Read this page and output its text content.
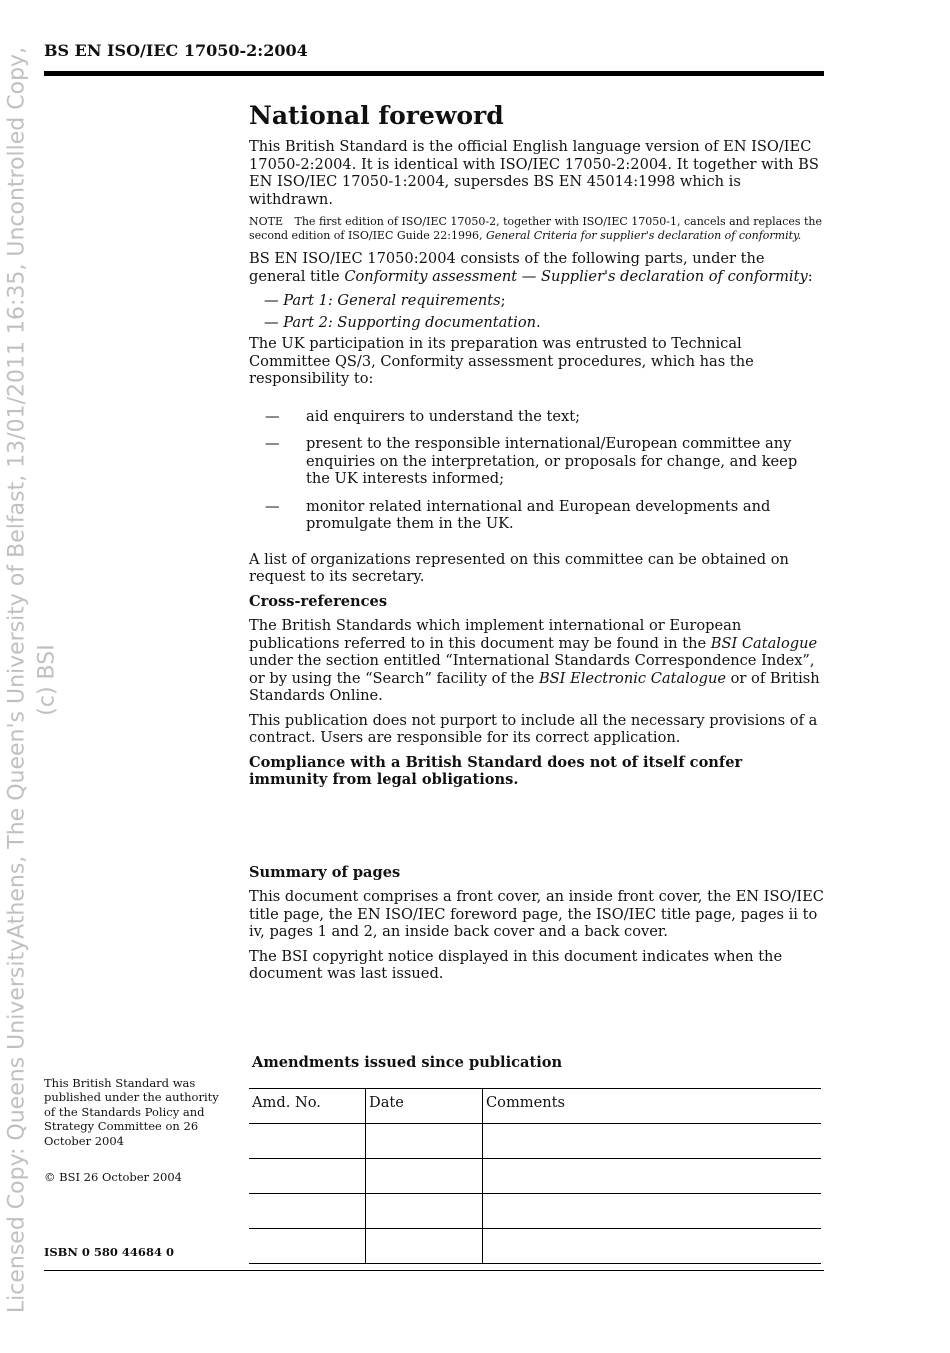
Licensed Copy: Queens UniversityAthens, The Queen's University of Belfast, 13/01/2011 16:35, Uncontrolled Copy, (c) BSI
BS EN ISO/IEC 17050-2:2004
National foreword

This British Standard is the official English language version of EN ISO/IEC 17050-2:2004. It is identical with ISO/IEC 17050-2:2004. It together with BS EN ISO/IEC 17050-1:2004, supersdes BS EN 45014:1998 which is withdrawn.

NOTE The first edition of ISO/IEC 17050-2, together with ISO/IEC 17050-1, cancels and replaces the second edition of ISO/IEC Guide 22:1996, General Criteria for supplier's declaration of conformity.

BS EN ISO/IEC 17050:2004 consists of the following parts, under the general title Conformity assessment — Supplier's declaration of conformity:

— Part 1: General requirements;
— Part 2: Supporting documentation.

The UK participation in its preparation was entrusted to Technical Committee QS/3, Conformity assessment procedures, which has the responsibility to:

—	aid enquirers to understand the text;
—	present to the responsible international/European committee any enquiries on the interpretation, or proposals for change, and keep the UK interests informed;
—	monitor related international and European developments and promulgate them in the UK.

A list of organizations represented on this committee can be obtained on request to its secretary.

Cross-references

The British Standards which implement international or European publications referred to in this document may be found in the BSI Catalogue under the section entitled “International Standards Correspondence Index”, or by using the “Search” facility of the BSI Electronic Catalogue or of British Standards Online.

This publication does not purport to include all the necessary provisions of a contract. Users are responsible for its correct application.

Compliance with a British Standard does not of itself confer immunity from legal obligations.

Summary of pages

This document comprises a front cover, an inside front cover, the EN ISO/IEC title page, the EN ISO/IEC foreword page, the ISO/IEC title page, pages ii to iv, pages 1 and 2, an inside back cover and a back cover.

The BSI copyright notice displayed in this document indicates when the document was last issued.

This British Standard was published under the authority of the Standards Policy and Strategy Committee on 26 October 2004
© BSI 26 October 2004
ISBN 0 580 44684 0
Amendments issued since publication
Amd. No.	Date	Comments
